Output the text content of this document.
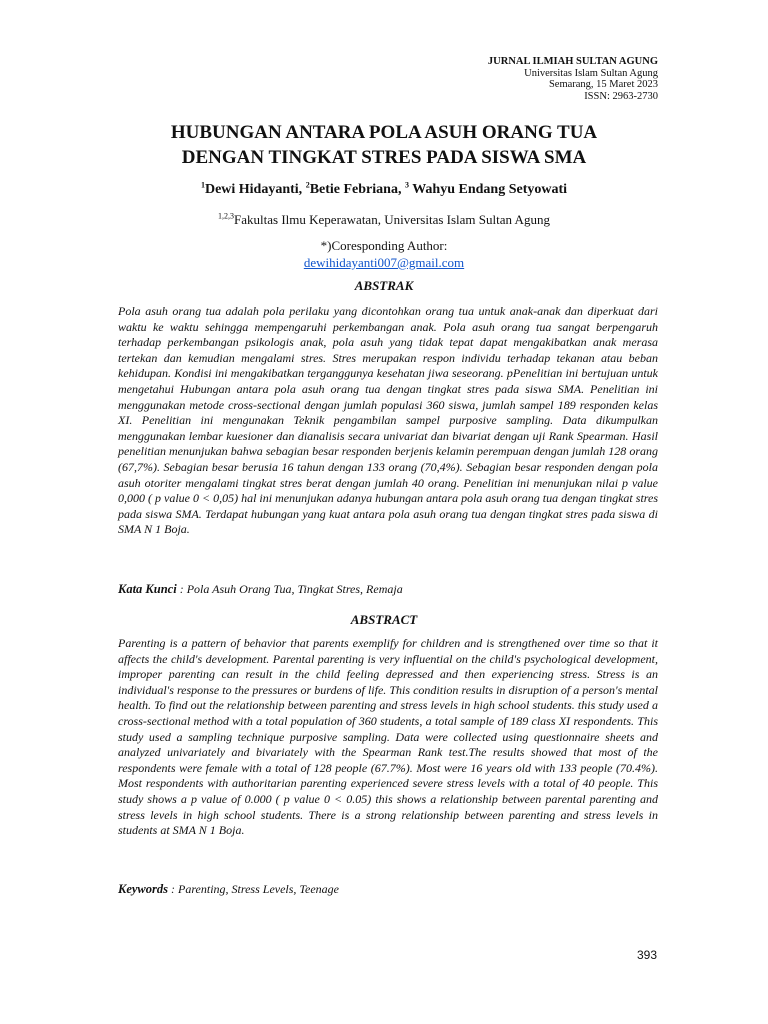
JURNAL ILMIAH SULTAN AGUNG
Universitas Islam Sultan Agung
Semarang, 15 Maret 2023
ISSN: 2963-2730
HUBUNGAN ANTARA POLA ASUH ORANG TUA
DENGAN TINGKAT STRES PADA SISWA SMA
$^1$Dewi Hidayanti, $^2$Betie Febriana, $^3$ Wahyu Endang Setyowati
$^{1,2,3}$Fakultas Ilmu Keperawatan, Universitas Islam Sultan Agung
*)Coresponding Author:
dewihidayanti007@gmail.com
ABSTRAK

Pola asuh orang tua adalah pola perilaku yang dicontohkan orang tua untuk anak-anak dan diperkuat dari waktu ke waktu sehingga mempengaruhi perkembangan anak. Pola asuh orang tua sangat berpengaruh terhadap perkembangan psikologis anak, pola asuh yang tidak tepat dapat mengakibatkan anak merasa tertekan dan kemudian mengalami stres. Stres merupakan respon individu terhadap tekanan atau beban kehidupan. Kondisi ini mengakibatkan terganggunya kesehatan jiwa seseorang. pPenelitian ini bertujuan untuk mengetahui Hubungan antara pola asuh orang tua dengan tingkat stres pada siswa SMA. Penelitian ini menggunakan metode cross-sectional dengan jumlah populasi 360 siswa, jumlah sampel 189 responden kelas XI. Penelitian ini mengunakan Teknik pengambilan sampel purposive sampling. Data dikumpulkan menggunakan lembar kuesioner dan dianalisis secara univariat dan bivariat dengan uji Rank Spearman. Hasil penelitian menunjukan bahwa sebagian besar responden berjenis kelamin perempuan dengan jumlah 128 orang (67,7%). Sebagian besar berusia 16 tahun dengan 133 orang (70,4%). Sebagian besar responden dengan pola asuh otoriter mengalami tingkat stres berat dengan jumlah 40 orang. Penelitian ini menunjukan nilai p value 0,000 ( p value 0 < 0,05) hal ini menunjukan adanya hubungan antara pola asuh orang tua dengan tingkat stres pada siswa SMA. Terdapat hubungan yang kuat antara pola asuh orang tua dengan tingkat stres pada siswa di SMA N 1 Boja.

Kata Kunci : Pola Asuh Orang Tua, Tingkat Stres, Remaja
ABSTRACT

Parenting is a pattern of behavior that parents exemplify for children and is strengthened over time so that it affects the child's development. Parental parenting is very influential on the child's psychological development, improper parenting can result in the child feeling depressed and then experiencing stress. Stress is an individual's response to the pressures or burdens of life. This condition results in disruption of a person's mental health. To find out the relationship between parenting and stress levels in high school students. this study used a cross-sectional method with a total population of 360 students, a total sample of 189 class XI respondents. This study used a sampling technique purposive sampling. Data were collected using questionnaire sheets and analyzed univariately and bivariately with the Spearman Rank test.The results showed that most of the respondents were female with a total of 128 people (67.7%). Most were 16 years old with 133 people (70.4%). Most respondents with authoritarian parenting experienced severe stress levels with a total of 40 people. This study shows a p value of 0.000 ( p value 0 < 0.05) this shows a relationship between parental parenting and stress levels in high school students. There is a strong relationship between parenting and stress levels in students at SMA N 1 Boja.

Keywords : Parenting, Stress Levels, Teenage
393
